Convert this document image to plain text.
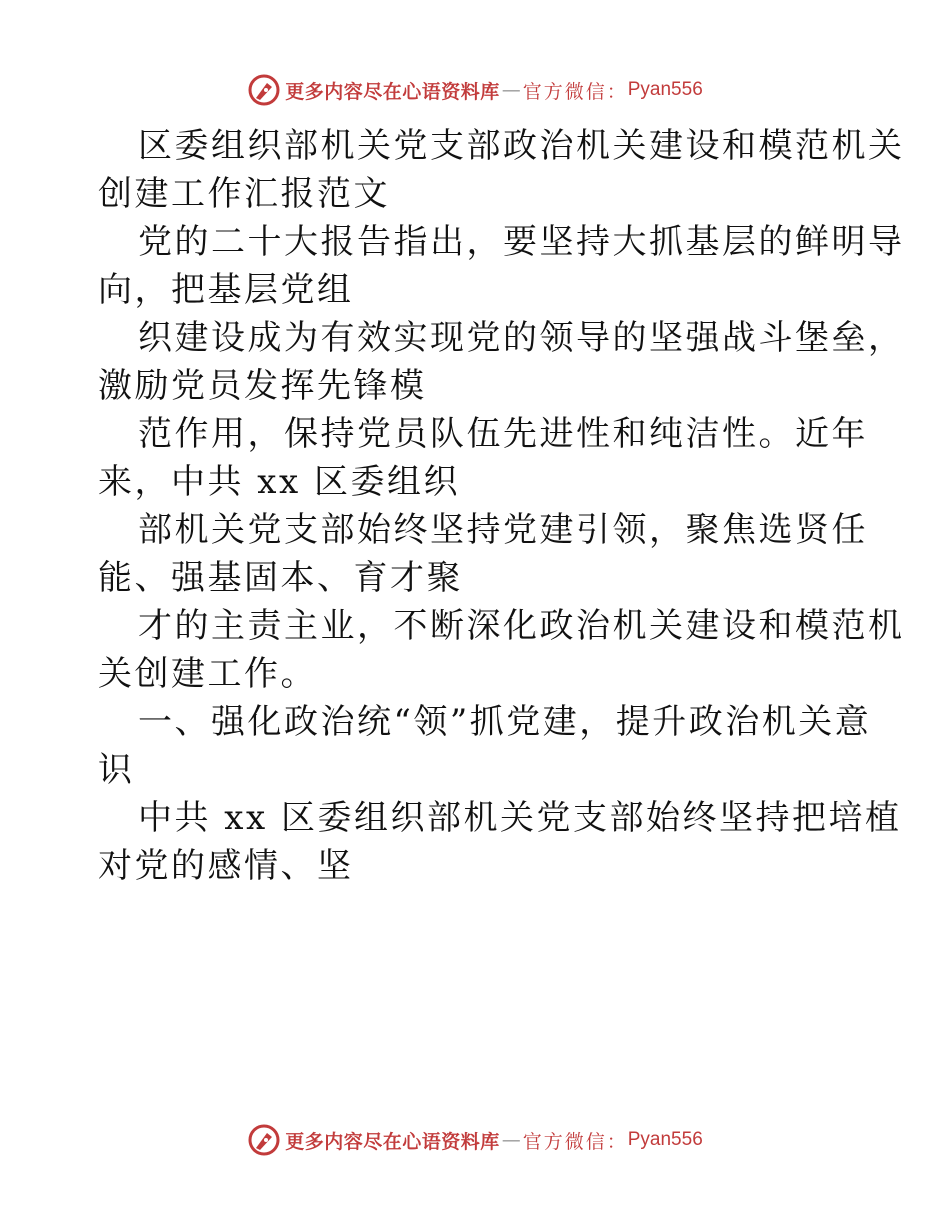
更多内容尽在心语资料库 — 官方微信： Pyan556
区委组织部机关党支部政治机关建设和模范机关
创建工作汇报范文
党的二十大报告指出，要坚持大抓基层的鲜明导
向，把基层党组
织建设成为有效实现党的领导的坚强战斗堡垒，
激励党员发挥先锋模
范作用，保持党员队伍先进性和纯洁性。近年
来，中共 xx 区委组织
部机关党支部始终坚持党建引领，聚焦选贤任
能、强基固本、育才聚
才的主责主业，不断深化政治机关建设和模范机
关创建工作。
一、强化政治统“领”抓党建，提升政治机关意
识
中共 xx 区委组织部机关党支部始终坚持把培植
对党的感情、坚
更多内容尽在心语资料库 — 官方微信： Pyan556
